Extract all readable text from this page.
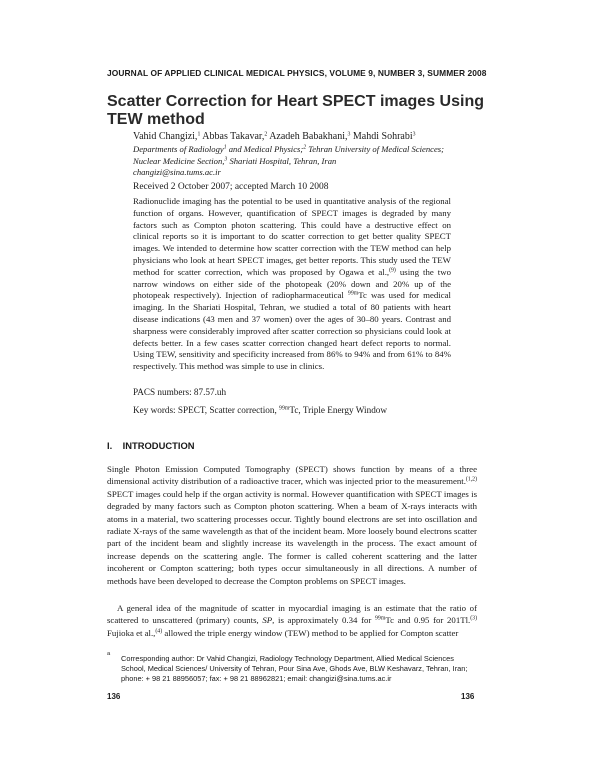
JOURNAL OF APPLIED CLINICAL MEDICAL PHYSICS, VOLUME 9, NUMBER 3, SUMMER 2008
Scatter Correction for Heart SPECT images Using TEW method
Vahid Changizi,$^1$ Abbas Takavar,$^2$ Azadeh Babakhani,$^3$ Mahdi Sohrabi$^3$
Departments of Radiology$^1$ and Medical Physics;$^2$ Tehran University of Medical Sciences;
Nuclear Medicine Section,$^3$ Shariati Hospital, Tehran, Iran
changizi@sina.tums.ac.ir
Received 2 October 2007; accepted March 10 2008

Radionuclide imaging has the potential to be used in quantitative analysis of the regional function of organs. However, quantification of SPECT images is degraded by many factors such as Compton photon scattering. This could have a destructive effect on clinical reports so it is important to do scatter correction to get better quality SPECT images. We intended to determine how scatter correction with the TEW method can help physicians who look at heart SPECT images, get better reports. This study used the TEW method for scatter correction, which was proposed by Ogawa et al.,$^{(9)}$ using the two narrow windows on either side of the photopeak (20% down and 20% up of the photopeak respectively). Injection of radiopharmaceutical $^{99m}$Tc was used for medical imaging. In the Shariati Hospital, Tehran, we studied a total of 80 patients with heart disease indications (43 men and 37 women) over the ages of 30–80 years. Contrast and sharpness were considerably improved after scatter correction so physicians could look at defects better. In a few cases scatter correction changed heart defect reports to normal. Using TEW, sensitivity and specificity increased from 86% to 94% and from 61% to 84% respectively. This method was simple to use in clinics.

PACS numbers: 87.57.uh
Key words: SPECT, Scatter correction, $^{99m}$Tc, Triple Energy Window
I. INTRODUCTION

Single Photon Emission Computed Tomography (SPECT) shows function by means of a three dimensional activity distribution of a radioactive tracer, which was injected prior to the measurement.$^{(1,2)}$ SPECT images could help if the organ activity is normal. However quantification with SPECT images is degraded by many factors such as Compton photon scattering. When a beam of X-rays interacts with atoms in a material, two scattering processes occur. Tightly bound electrons are set into oscillation and radiate X-rays of the same wavelength as that of the incident beam. More loosely bound electrons scatter part of the incident beam and slightly increase its wavelength in the process. The exact amount of increase depends on the scattering angle. The former is called coherent scattering and the latter incoherent or Compton scattering; both types occur simultaneously in all directions. A number of methods have been developed to decrease the Compton problems on SPECT images.

A general idea of the magnitude of scatter in myocardial imaging is an estimate that the ratio of scattered to unscattered (primary) counts, SP, is approximately 0.34 for $^{99m}$Tc and 0.95 for 201Tl.$^{(3)}$ Fujioka et al.,$^{(4)}$ allowed the triple energy window (TEW) method to be applied for Compton scatter

a	Corresponding author: Dr Vahid Changizi, Radiology Technology Department, Allied Medical Sciences School, Medical Sciences/ University of Tehran, Pour Sina Ave, Ghods Ave, BLW Keshavarz, Tehran, Iran; phone: + 98 21 88956057; fax: + 98 21 88962821; email: changizi@sina.tums.ac.ir
136	136
